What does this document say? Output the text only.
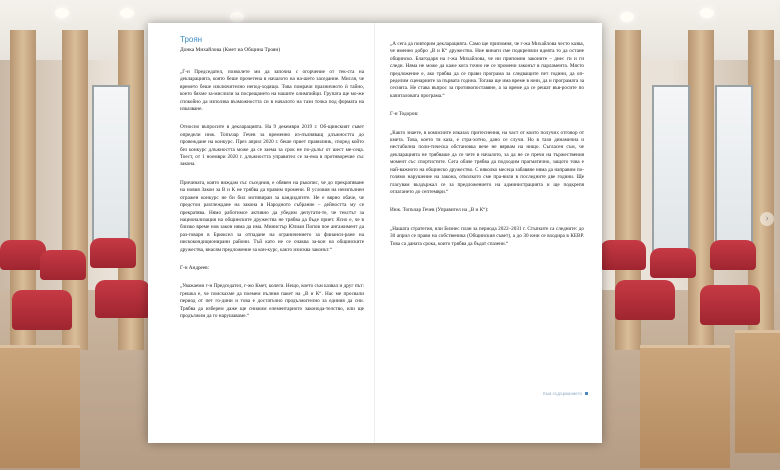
›
Троян
Донка Михайлова (Кмет на Община Троян)

„Г-н Председател, позволете ми да започна с огорчение от тек-ста на декларацията, която беше прочетена в началото на на-шето заседание. Мисля, че времето беше изключително непод-ходящо. Това помрачи празничното ѝ тайно, което бяхме за-мислили за посрещането на нашите олимпийци. Групата ще мо-же спокойно да използва възможността си в началото на тази точка под формата на изказване.

Относно въпросите в декларацията. На 9 декември 2019 г. Об-щинският съвет определи инж. Топъчар Гечев за временно из-пълняващ длъжността до провеждане на конкурс. През април 2020 г. беше приет правилник, според който без конкурс длъжността може да се заема за срок не по-дълъг от шест ме-сеца. Тоест, от 1 ноември 2020 г. длъжността управител се за-ема в противоречие със закона.

Причината, която виждам със съседния, е обявен на ръкопис, че до прекратяване на новия Закон за В и К не трябва да правим промени. В условия на неизпълнен отражен конкурс не би бил мотивиран за кандидатите. Не е вярно обаче, че предстои разглеждане на закона в Народното събрание – дейността му се прекратява. Нямо работимсе активно да убедим депутати-те, че текстът за национализация на общинските дружества не трябва да бъде приет. Ясно е, че в близко време нов закон няма да има. Министър Юлиан Попов пое ангажимент да раз-говаря в Брюксел за отпадане на ограничението за финанси-ране на нискокондиционирани райони. Тъй като не се очаква за-кон на общинските дружества, внасям предложение за кон-курс, както изисква законът.“

Г-н Андреев:

„Уважаеми г-н Председател, г-жо Кмет, колеги. Нещо, което съм казвал и друг път: грешка е, че поискахме да поемем пълния пакет на „В и К“. Нас ме просвали период от пет го-дини и това е достатъчно продължително за единия да сни. Трябва да изберем даже ще снижим елементарното законода-телство, или ще продължим да го нарушаваме.“

„А сега да повторим декларацията. Само ще припомня, че г-жа Михайлова често казва, че именно добро „В и К“ дружество. Ние винаги сме подкрепяли идеята то да остане общинско. Благодаря на г-жа Михайлова, че ни припомни законите – днес ги и ги следи. Няма не може да каже кога точно не се промени законът в парламента. Място предложение е, ако трябва да се прави програма за следващите пет години, да оп-ределим сценариите за първата година. Тогава ще има време в юни, да и програмата за сесията. Не става въпрос за противопоставяне, а за време да се решат във-росите по капиталовата програма.“

Г-н Тодоров:

„Както знаете, в комисиите изказах притеснения, на част от които получих отговор от кмета. Това, което тя каза, е стра-хотно, дано се случи. Но в тази динамична и нестабилна поли-тическа обстановка вече не вярвам на нищо. Съгласен съм, че декларацията не трябваше да се чете в началото, за да не се пречи на тържествения момент със спортистите. Сега обаче трябва да подходим прагматично, защото това е най-важното на общинско дружество. С няколко месеца забавяне няма да направим по-голямо нарушение на закона, отколкото сме пра-вили в последните две години. Ще гласувам въздържал се за предложението на администрацията и ще подкрепя отлагането до септември.“

Инж. Топъчар Гечев (Управител на „В и К“):

„Нашата стратегия, или Бизнес план за периода 2022–2031 г. Стъпките са следните: до 30 април се прави на собственика (Общинския съвет), а до 30 юни се входира в КЕВР. Това са даната срока, които трябва да бъдат спазени.“

Към съдържанието
